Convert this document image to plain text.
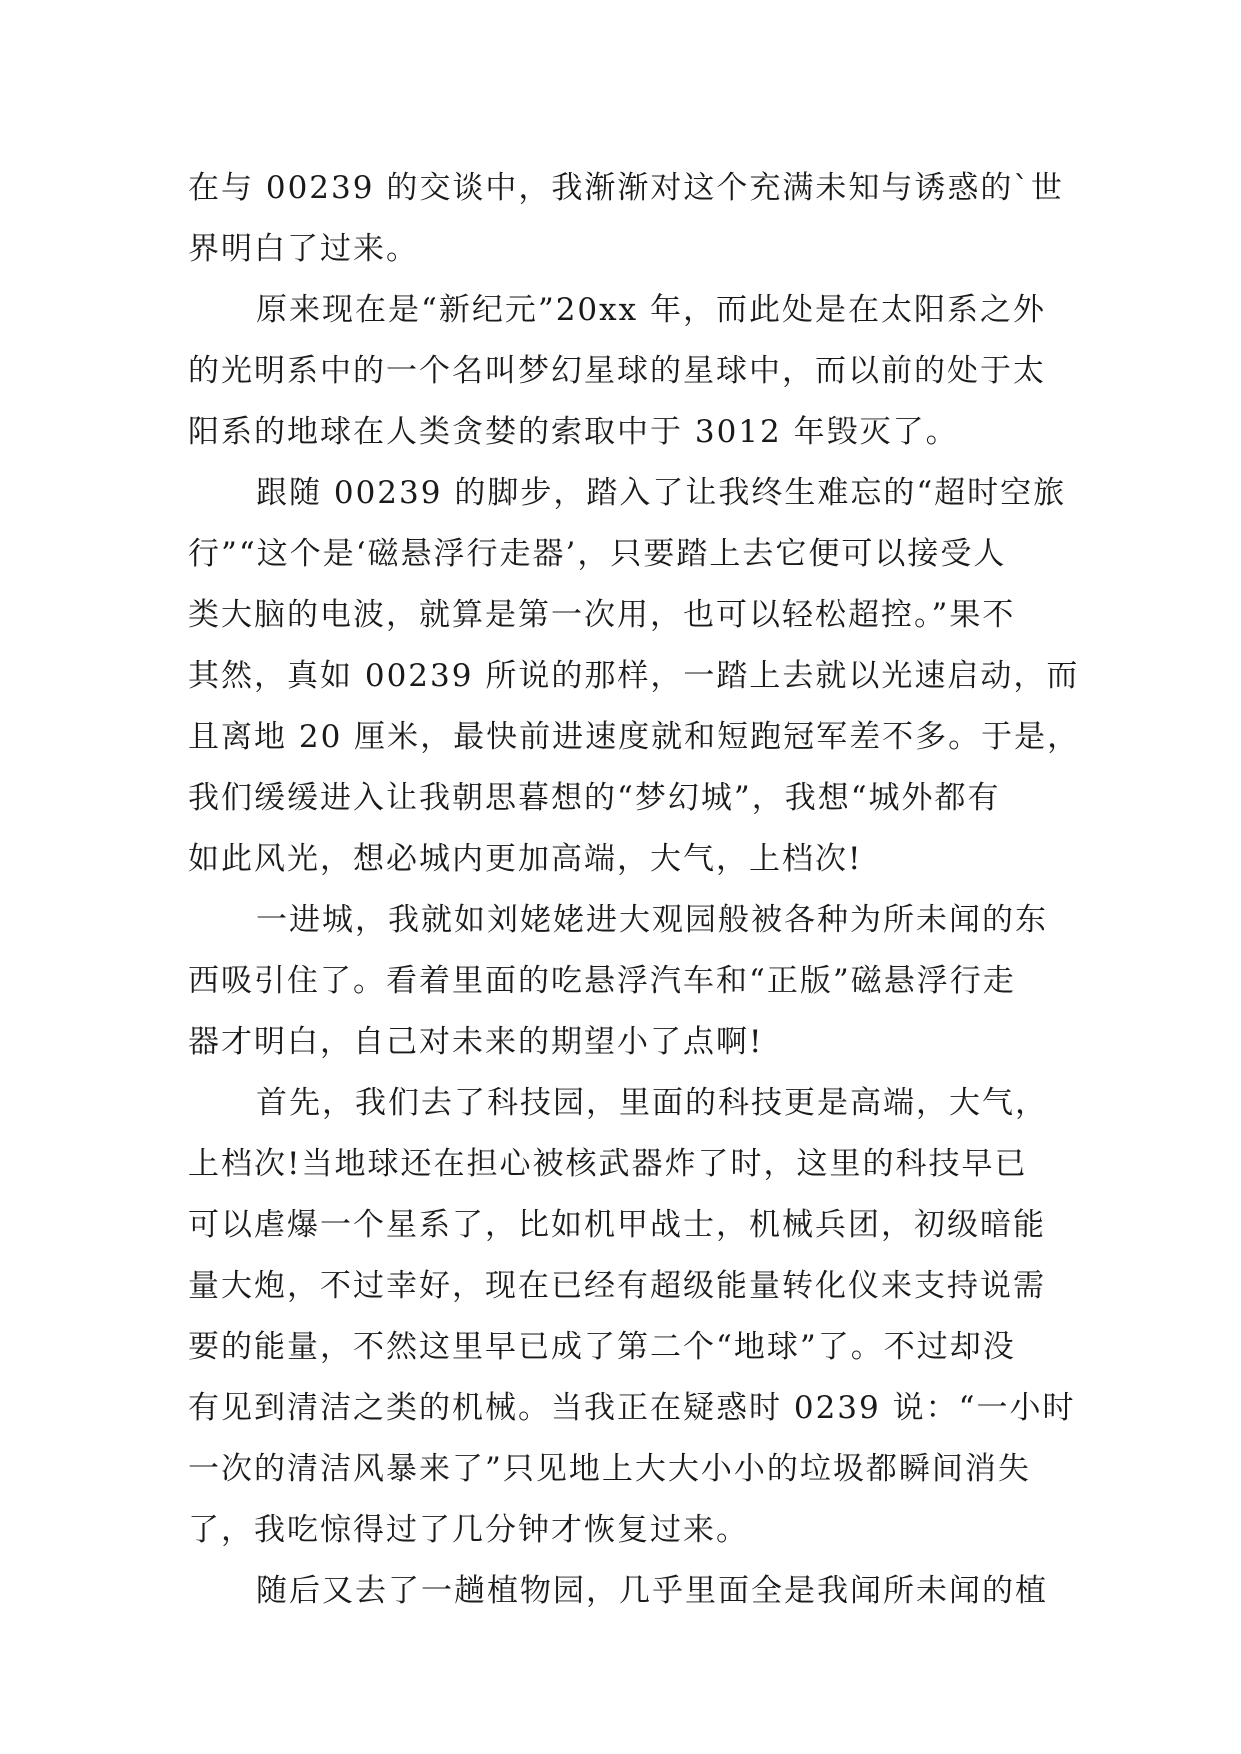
在与 00239 的交谈中，我渐渐对这个充满未知与诱惑的`世
界明白了过来。
原来现在是“新纪元”20xx 年，而此处是在太阳系之外
的光明系中的一个名叫梦幻星球的星球中，而以前的处于太
阳系的地球在人类贪婪的索取中于 3012 年毁灭了。
跟随 00239 的脚步，踏入了让我终生难忘的“超时空旅
行”“这个是‘磁悬浮行走器’，只要踏上去它便可以接受人
类大脑的电波，就算是第一次用，也可以轻松超控。”果不
其然，真如 00239 所说的那样，一踏上去就以光速启动，而
且离地 20 厘米，最快前进速度就和短跑冠军差不多。于是，
我们缓缓进入让我朝思暮想的“梦幻城”，我想“城外都有
如此风光，想必城内更加高端，大气，上档次!
一进城，我就如刘姥姥进大观园般被各种为所未闻的东
西吸引住了。看着里面的吃悬浮汽车和“正版”磁悬浮行走
器才明白，自己对未来的期望小了点啊!
首先，我们去了科技园，里面的科技更是高端，大气，
上档次!当地球还在担心被核武器炸了时，这里的科技早已
可以虐爆一个星系了，比如机甲战士，机械兵团，初级暗能
量大炮，不过幸好，现在已经有超级能量转化仪来支持说需
要的能量，不然这里早已成了第二个“地球”了。不过却没
有见到清洁之类的机械。当我正在疑惑时 0239 说：“一小时
一次的清洁风暴来了”只见地上大大小小的垃圾都瞬间消失
了，我吃惊得过了几分钟才恢复过来。
随后又去了一趟植物园，几乎里面全是我闻所未闻的植
